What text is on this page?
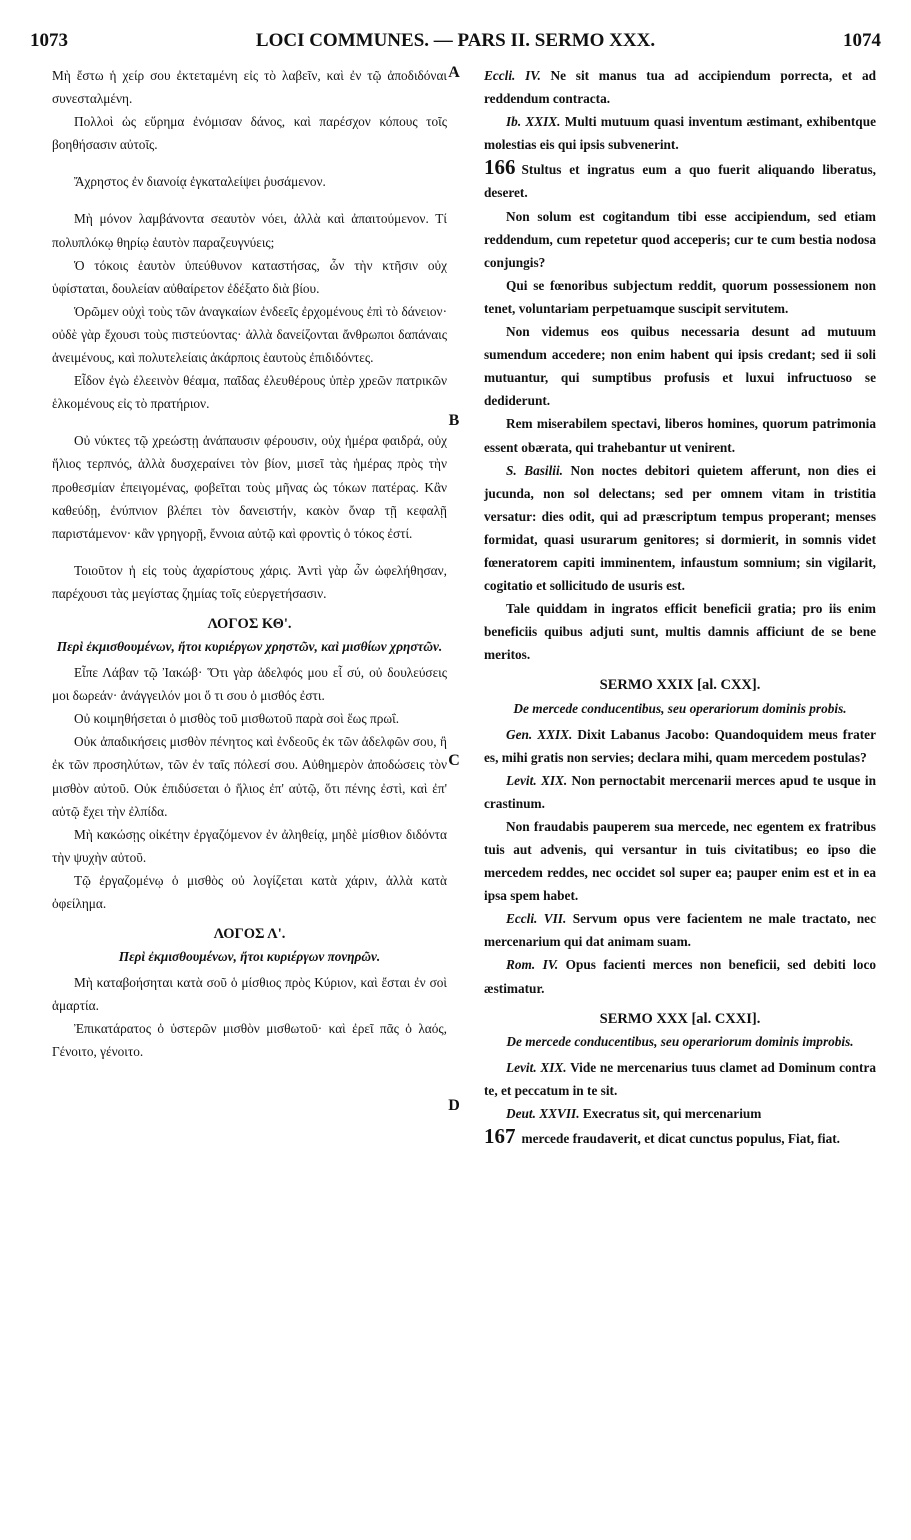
1073	LOCI COMMUNES. — PARS II. SERMO XXX.	1074
A
B
C
D

Μὴ ἔστω ἡ χείρ σου ἐκτεταμένη εἰς τὸ λαβεῖν, καὶ ἐν τῷ ἀποδιδόναι συνεσταλμένη.

Πολλοὶ ὡς εὕρημα ἐνόμισαν δάνος, καὶ παρέσχον κόπους τοῖς βοηθήσασιν αὐτοῖς.

Ἄχρηστος ἐν διανοίᾳ ἐγκαταλείψει ῥυσάμενον.

Μὴ μόνον λαμβάνοντα σεαυτὸν νόει, ἀλλὰ καὶ ἀπαιτούμενον. Τί πολυπλόκῳ θηρίῳ ἑαυτὸν παραζευγνύεις;

Ὁ τόκοις ἑαυτὸν ὑπεύθυνον καταστήσας, ὧν τὴν κτῆσιν οὐχ ὑφίσταται, δουλείαν αὐθαίρετον ἐδέξατο διὰ βίου.

Ὁρῶμεν οὐχὶ τοὺς τῶν ἀναγκαίων ἐνδεεῖς ἐρχομένους ἐπὶ τὸ δάνειον· οὐδὲ γὰρ ἔχουσι τοὺς πιστεύοντας· ἀλλὰ δανείζονται ἄνθρωποι δαπάναις ἀνειμένους, καὶ πολυτελείαις ἀκάρποις ἑαυτοὺς ἐπιδιδόντες.

Εἶδον ἐγὼ ἐλεεινὸν θέαμα, παῖδας ἐλευθέρους ὑπὲρ χρεῶν πατρικῶν ἑλκομένους εἰς τὸ πρατήριον.

Οὐ νύκτες τῷ χρεώστῃ ἀνάπαυσιν φέρουσιν, οὐχ ἡμέρα φαιδρά, οὐχ ἥλιος τερπνός, ἀλλὰ δυσχεραίνει τὸν βίον, μισεῖ τὰς ἡμέρας πρὸς τὴν προθεσμίαν ἐπειγομένας, φοβεῖται τοὺς μῆνας ὡς τόκων πατέρας. Κἂν καθεύδῃ, ἐνύπνιον βλέπει τὸν δανειστήν, κακὸν ὄναρ τῇ κεφαλῇ παριστάμενον· κἂν γρηγορῇ, ἔννοια αὐτῷ καὶ φροντὶς ὁ τόκος ἐστί.

Τοιοῦτον ἡ εἰς τοὺς ἀχαρίστους χάρις. Ἀντὶ γὰρ ὧν ὠφελήθησαν, παρέχουσι τὰς μεγίστας ζημίας τοῖς εὐεργετήσασιν.

ΛΟΓΟΣ ΚΘ'.
Περὶ ἐκμισθουμένων, ἤτοι κυριέργων χρηστῶν, καὶ μισθίων χρηστῶν.

Εἶπε Λάβαν τῷ Ἰακώβ· Ὅτι γὰρ ἀδελφός μου εἶ σύ, οὐ δουλεύσεις μοι δωρεάν· ἀνάγγειλόν μοι ὅ τι σου ὁ μισθός ἐστι.

Οὐ κοιμηθήσεται ὁ μισθὸς τοῦ μισθωτοῦ παρὰ σοὶ ἕως πρωΐ.

Οὐκ ἀπαδικήσεις μισθὸν πένητος καὶ ἐνδεοῦς ἐκ τῶν ἀδελφῶν σου, ἢ ἐκ τῶν προσηλύτων, τῶν ἐν ταῖς πόλεσί σου. Αὐθημερὸν ἀποδώσεις τὸν μισθὸν αὐτοῦ. Οὐκ ἐπιδύσεται ὁ ἥλιος ἐπ' αὐτῷ, ὅτι πένης ἐστὶ, καὶ ἐπ' αὐτῷ ἔχει τὴν ἐλπίδα.

Μὴ κακώσῃς οἰκέτην ἐργαζόμενον ἐν ἀληθείᾳ, μηδὲ μίσθιον διδόντα τὴν ψυχὴν αὐτοῦ.

Τῷ ἐργαζομένῳ ὁ μισθὸς οὐ λογίζεται κατὰ χάριν, ἀλλὰ κατὰ ὀφείλημα.

ΛΟΓΟΣ Λ'.
Περὶ ἐκμισθουμένων, ἤτοι κυριέργων πονηρῶν.

Μὴ καταβοήσηται κατὰ σοῦ ὁ μίσθιος πρὸς Κύριον, καὶ ἔσται ἐν σοὶ ἁμαρτία.

Ἐπικατάρατος ὁ ὑστερῶν μισθὸν μισθωτοῦ· καὶ ἐρεῖ πᾶς ὁ λαός, Γένοιτο, γένοιτο.

Eccli. IV. Ne sit manus tua ad accipiendum porrecta, et ad reddendum contracta.

Ib. XXIX. Multi mutuum quasi inventum æstimant, exhibentque molestias eis qui ipsis subvenerint.

166 Stultus et ingratus eum a quo fuerit aliquando liberatus, deseret.

Non solum est cogitandum tibi esse accipiendum, sed etiam reddendum, cum repetetur quod acceperis; cur te cum bestia nodosa conjungis?

Qui se fœnoribus subjectum reddit, quorum possessionem non tenet, voluntariam perpetuamque suscipit servitutem.

Non videmus eos quibus necessaria desunt ad mutuum sumendum accedere; non enim habent qui ipsis credant; sed ii soli mutuantur, qui sumptibus profusis et luxui infructuoso se dediderunt.

Rem miserabilem spectavi, liberos homines, quorum patrimonia essent obærata, qui trahebantur ut venirent.

S. Basilii. Non noctes debitori quietem afferunt, non dies ei jucunda, non sol delectans; sed per omnem vitam in tristitia versatur: dies odit, qui ad præscriptum tempus properant; menses formidat, quasi usurarum genitores; si dormierit, in somnis videt fœneratorem capiti imminentem, infaustum somnium; sin vigilarit, cogitatio et sollicitudo de usuris est.

Tale quiddam in ingratos efficit beneficii gratia; pro iis enim beneficiis quibus adjuti sunt, multis damnis afficiunt de se bene meritos.

SERMO XXIX [al. CXX].
De mercede conducentibus, seu operariorum dominis probis.

Gen. XXIX. Dixit Labanus Jacobo: Quandoquidem meus frater es, mihi gratis non servies; declara mihi, quam mercedem postulas?

Levit. XIX. Non pernoctabit mercenarii merces apud te usque in crastinum.

Non fraudabis pauperem sua mercede, nec egentem ex fratribus tuis aut advenis, qui versantur in tuis civitatibus; eo ipso die mercedem reddes, nec occidet sol super ea; pauper enim est et in ea ipsa spem habet.

Eccli. VII. Servum opus vere facientem ne male tractato, nec mercenarium qui dat animam suam.

Rom. IV. Opus facienti merces non beneficii, sed debiti loco æstimatur.

SERMO XXX [al. CXXI].
De mercede conducentibus, seu operariorum dominis improbis.

Levit. XIX. Vide ne mercenarius tuus clamet ad Dominum contra te, et peccatum in te sit.

Deut. XXVII. Execratus sit, qui mercenarium

167 mercede fraudaverit, et dicat cunctus populus, Fiat, fiat.
